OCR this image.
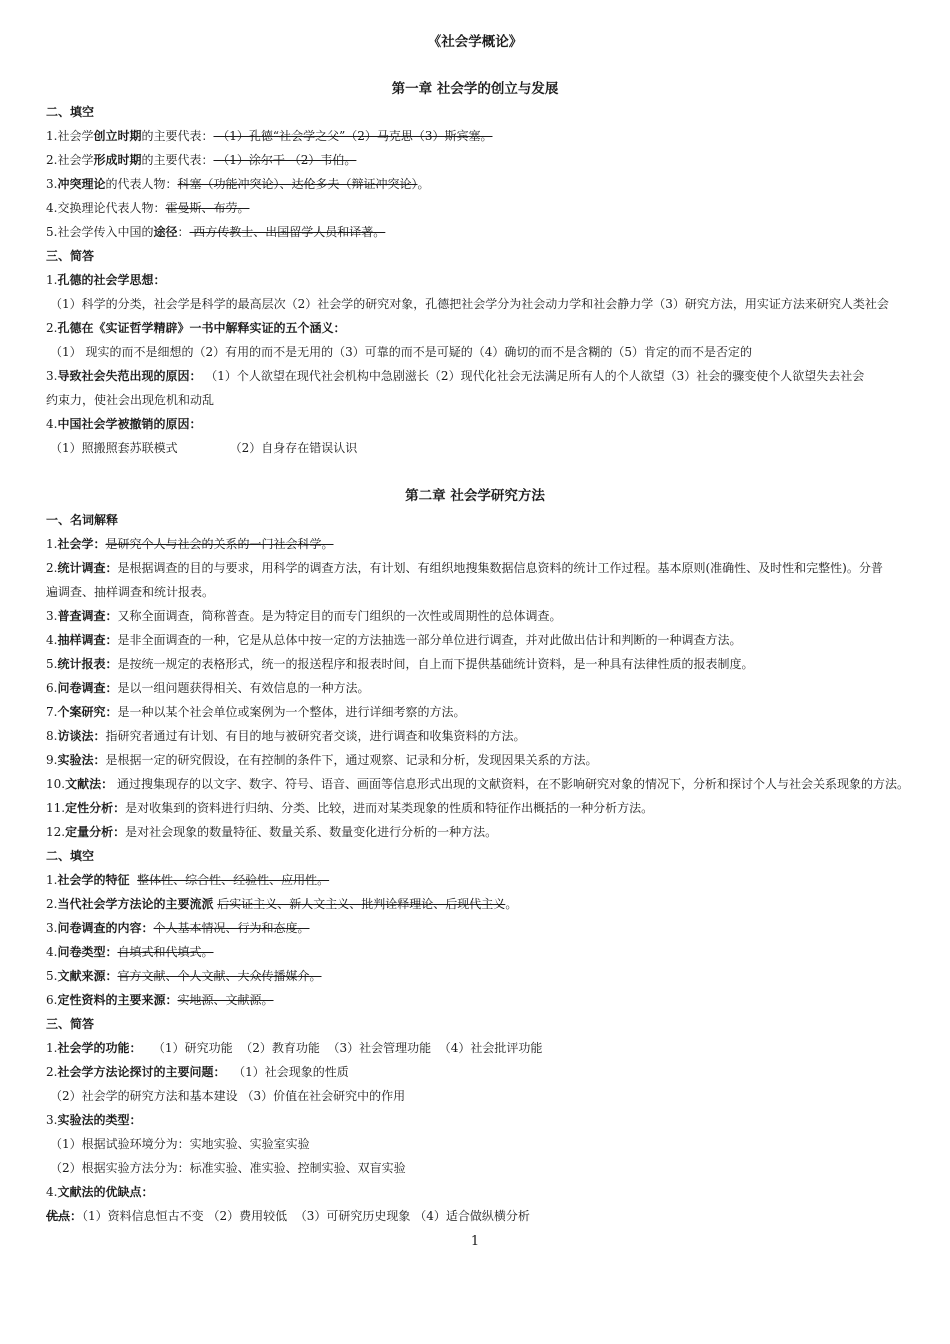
《社会学概论》
第一章 社会学的创立与发展
二、填空
1.社会学创立时期的主要代表： （1）孔德“社会学之父”（2）马克思（3）斯宾塞。
2.社会学形成时期的主要代表： （1）涂尔干 （2）韦伯。
3.冲突理论的代表人物：科塞（功能冲突论）、达伦多夫（辩证冲突论）。
4.交换理论代表人物：霍曼斯、布劳。
5.社会学传入中国的途径： 西方传教士、出国留学人员和译著。
三、简答
1.孔德的社会学思想：
（1）科学的分类，社会学是科学的最高层次（2）社会学的研究对象，孔德把社会学分为社会动力学和社会静力学（3）研究方法，用实证方法来研究人类社会
2.孔德在《实证哲学精辟》一书中解释实证的五个涵义：
（1） 现实的而不是细想的（2）有用的而不是无用的（3）可靠的而不是可疑的（4）确切的而不是含糊的（5）肯定的而不是否定的
3.导致社会失范出现的原因： （1）个人欲望在现代社会机构中急剧滋长（2）现代化社会无法满足所有人的个人欲望（3）社会的骤变使个人欲望失去社会
约束力，使社会出现危机和动乱
4.中国社会学被撤销的原因：
（1）照搬照套苏联模式	（2）自身存在错误认识
第二章 社会学研究方法
一、名词解释
1.社会学：是研究个人与社会的关系的一门社会科学。
2.统计调查：是根据调查的目的与要求，用科学的调查方法，有计划、有组织地搜集数据信息资料的统计工作过程。基本原则(准确性、及时性和完整性)。分普
遍调查、抽样调查和统计报表。
3.普查调查：又称全面调查，简称普查。是为特定目的而专门组织的一次性或周期性的总体调查。
4.抽样调查：是非全面调查的一种，它是从总体中按一定的方法抽选一部分单位进行调查，并对此做出估计和判断的一种调查方法。
5.统计报表：是按统一规定的表格形式，统一的报送程序和报表时间，自上而下提供基础统计资料，是一种具有法律性质的报表制度。
6.问卷调查：是以一组问题获得相关、有效信息的一种方法。
7.个案研究：是一种以某个社会单位或案例为一个整体，进行详细考察的方法。
8.访谈法：指研究者通过有计划、有目的地与被研究者交谈，进行调查和收集资料的方法。
9.实验法：是根据一定的研究假设，在有控制的条件下，通过观察、记录和分析，发现因果关系的方法。
10.文献法： 通过搜集现存的以文字、数字、符号、语音、画面等信息形式出现的文献资料，在不影响研究对象的情况下，分析和探讨个人与社会关系现象的方法。
11.定性分析：是对收集到的资料进行归纳、分类、比较，进而对某类现象的性质和特征作出概括的一种分析方法。
12.定量分析：是对社会现象的数量特征、数量关系、数量变化进行分析的一种方法。
二、填空
1.社会学的特征 整体性、综合性、经验性、应用性。
2.当代社会学方法论的主要流派 后实证主义、新人文主义、批判诠释理论、后现代主义。
3.问卷调查的内容：个人基本情况、行为和态度。
4.问卷类型：自填式和代填式。
5.文献来源：官方文献、个人文献、大众传播媒介。
6.定性资料的主要来源：实地源、文献源。
三、简答
1.社会学的功能：   （1）研究功能  （2）教育功能  （3）社会管理功能  （4）社会批评功能
2.社会学方法论探讨的主要问题：  （1）社会现象的性质
（2）社会学的研究方法和基本建设 （3）价值在社会研究中的作用
3.实验法的类型：
（1）根据试验环境分为：实地实验、实验室实验
（2）根据实验方法分为：标准实验、准实验、控制实验、双盲实验
4.文献法的优缺点：
优点：（1）资料信息恒古不变 （2）费用较低  （3）可研究历史现象 （4）适合做纵横分析
1
